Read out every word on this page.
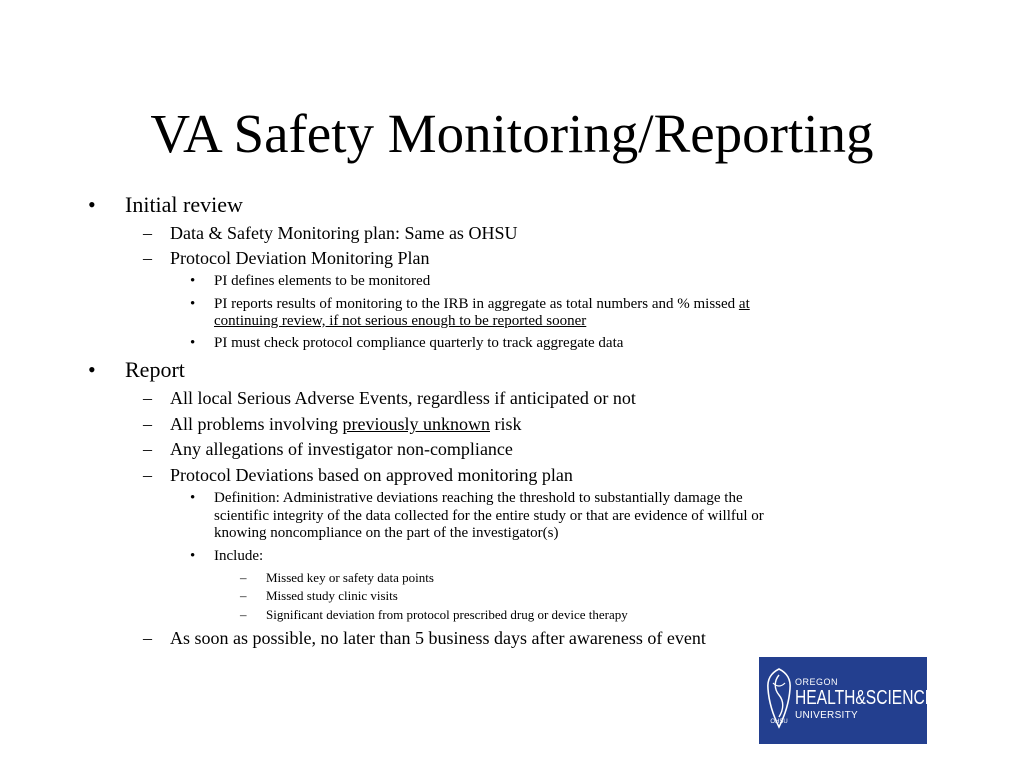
VA Safety Monitoring/Reporting
• Initial review
– Data & Safety Monitoring plan: Same as OHSU
– Protocol Deviation Monitoring Plan
• PI defines elements to be monitored
• PI reports results of monitoring to the IRB in aggregate as total numbers and % missed at
continuing review, if not serious enough to be reported sooner
• PI must check protocol compliance quarterly to track aggregate data
• Report
– All local Serious Adverse Events, regardless if anticipated or not
– All problems involving previously unknown risk
– Any allegations of investigator non-compliance
– Protocol Deviations based on approved monitoring plan
• Definition: Administrative deviations reaching the threshold to substantially damage the
scientific integrity of the data collected for the entire study or that are evidence of willful or
knowing noncompliance on the part of the investigator(s)
• Include:
– Missed key or safety data points
– Missed study clinic visits
– Significant deviation from protocol prescribed drug or device therapy
– As soon as possible, no later than 5 business days after awareness of event
OHSU
OREGON
HEALTH&SCIENCE
UNIVERSITY
